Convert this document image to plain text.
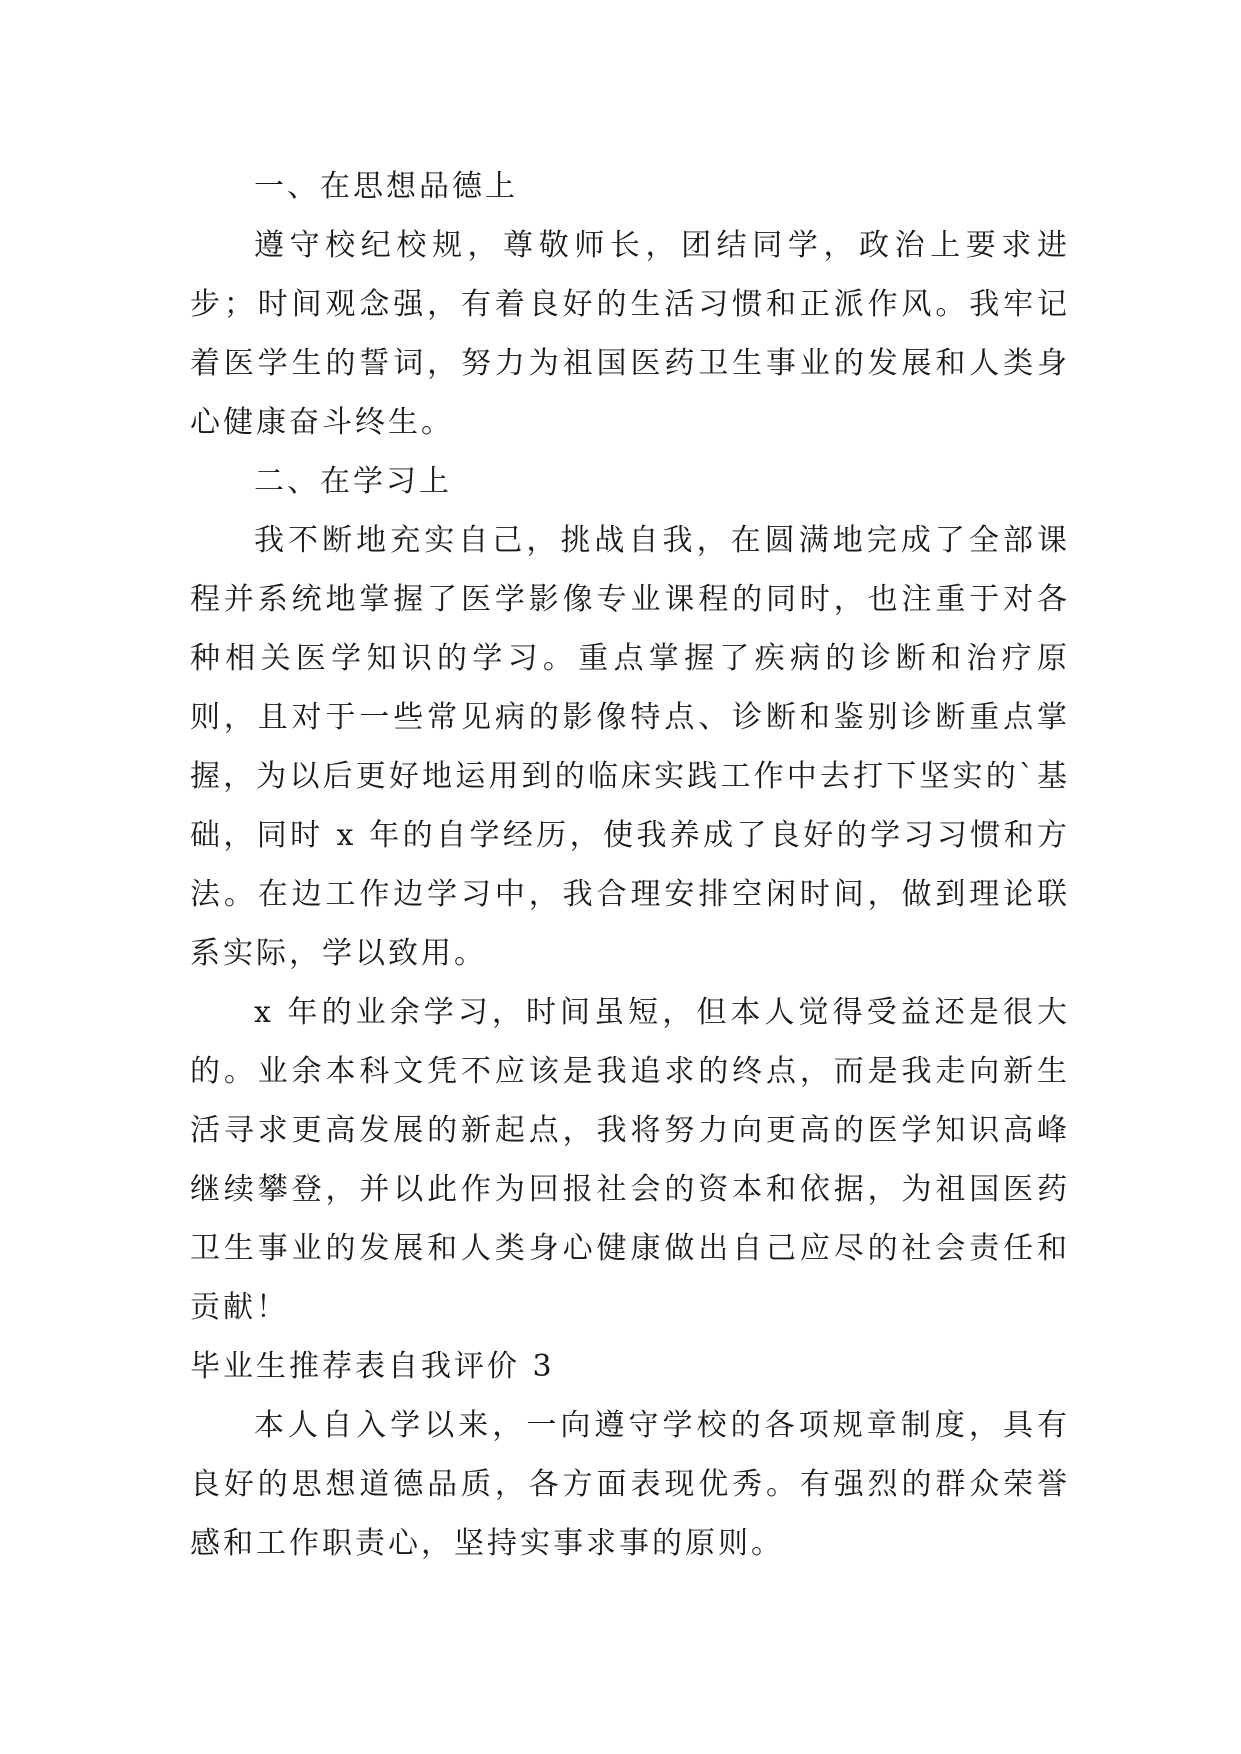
一、在思想品德上

遵守校纪校规，尊敬师长，团结同学，政治上要求进步；时间观念强，有着良好的生活习惯和正派作风。我牢记着医学生的誓词，努力为祖国医药卫生事业的发展和人类身心健康奋斗终生。

二、在学习上

我不断地充实自己，挑战自我，在圆满地完成了全部课程并系统地掌握了医学影像专业课程的同时，也注重于对各种相关医学知识的学习。重点掌握了疾病的诊断和治疗原则，且对于一些常见病的影像特点、诊断和鉴别诊断重点掌握，为以后更好地运用到的临床实践工作中去打下坚实的`基础，同时 x 年的自学经历，使我养成了良好的学习习惯和方法。在边工作边学习中，我合理安排空闲时间，做到理论联系实际，学以致用。

x 年的业余学习，时间虽短，但本人觉得受益还是很大的。业余本科文凭不应该是我追求的终点，而是我走向新生活寻求更高发展的新起点，我将努力向更高的医学知识高峰继续攀登，并以此作为回报社会的资本和依据，为祖国医药卫生事业的发展和人类身心健康做出自己应尽的社会责任和贡献！

毕业生推荐表自我评价 3

本人自入学以来，一向遵守学校的各项规章制度，具有良好的思想道德品质，各方面表现优秀。有强烈的群众荣誉感和工作职责心，坚持实事求事的原则。
